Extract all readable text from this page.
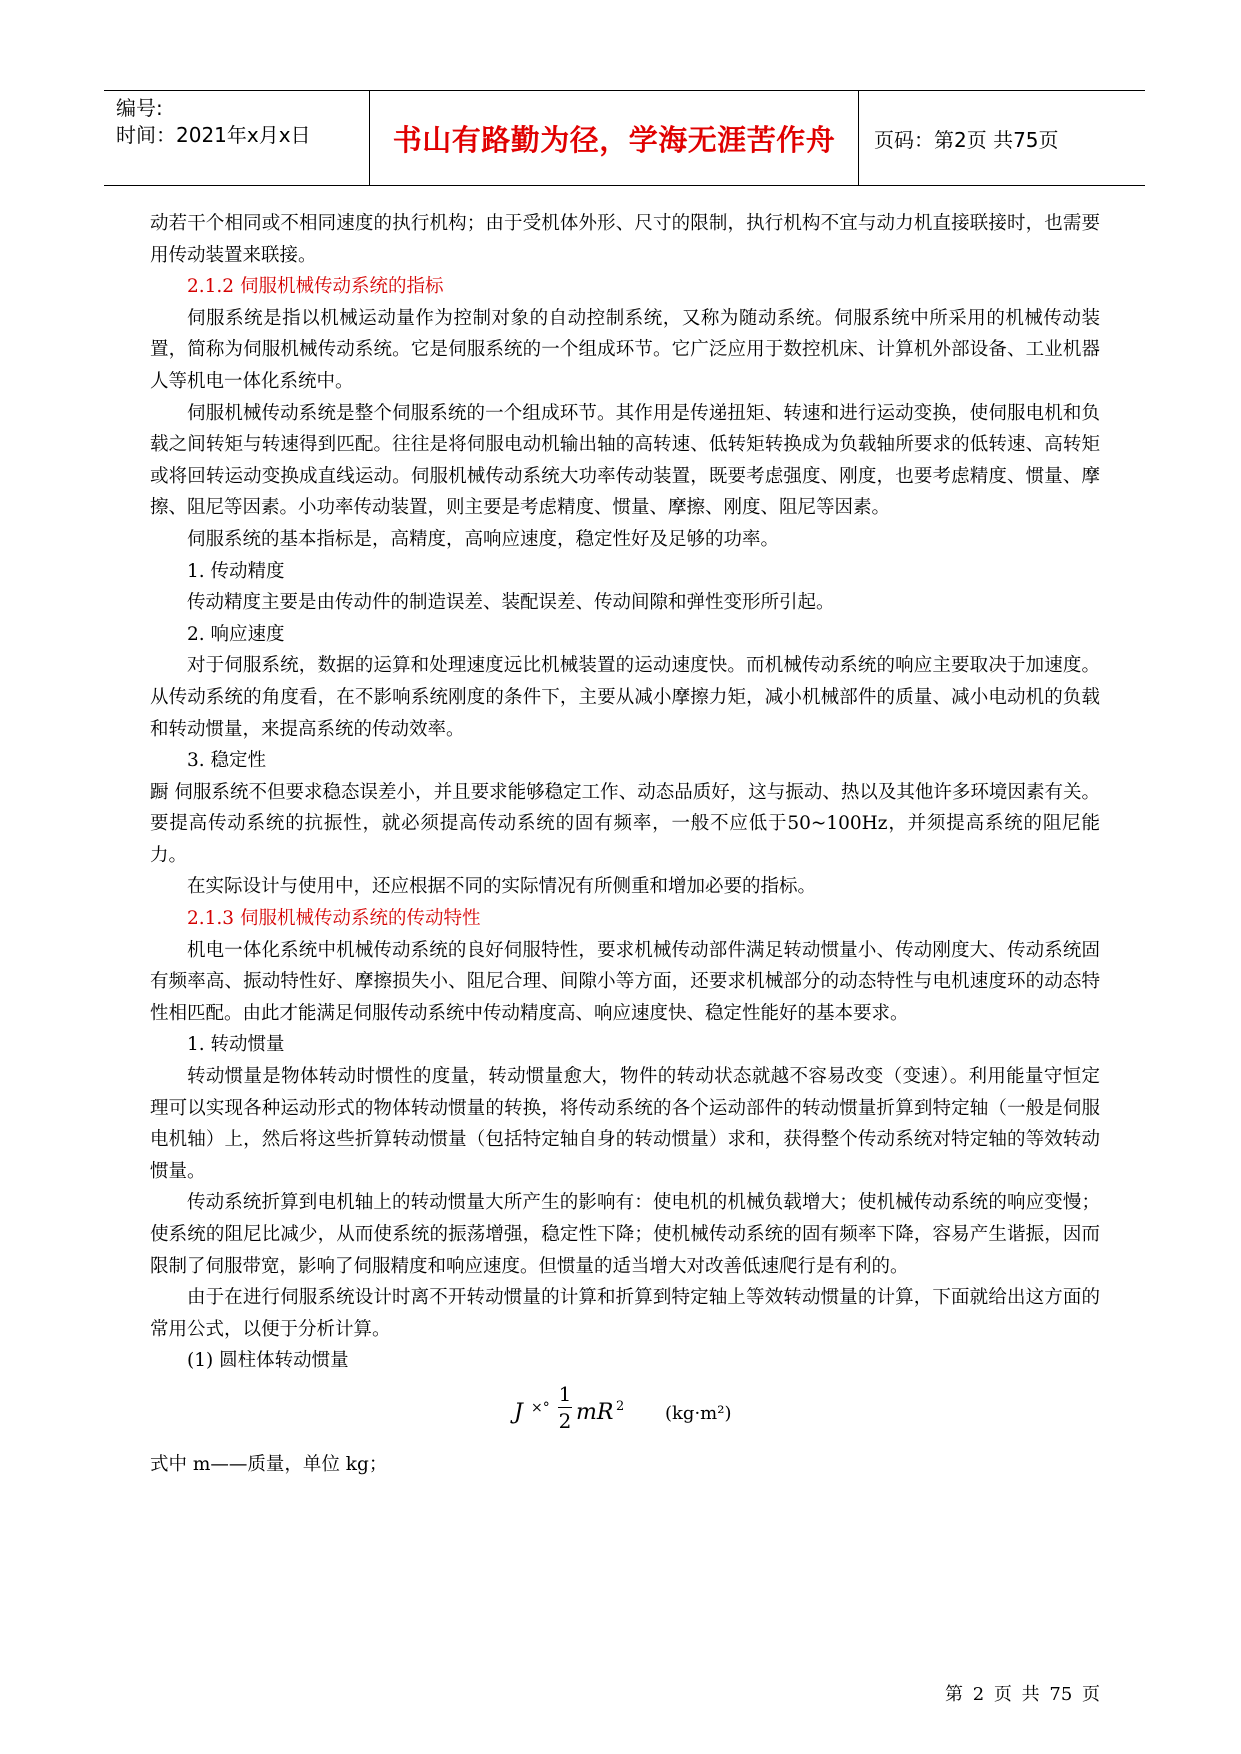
编号:
时间：2021年x月x日	书山有路勤为径，学海无涯苦作舟	页码：第2页 共75页

动若干个相同或不相同速度的执行机构；由于受机体外形、尺寸的限制，执行机构不宜与动力机直接联接时，也需要用传动装置来联接。

2.1.2 伺服机械传动系统的指标

伺服系统是指以机械运动量作为控制对象的自动控制系统，又称为随动系统。伺服系统中所采用的机械传动装置，简称为伺服机械传动系统。它是伺服系统的一个组成环节。它广泛应用于数控机床、计算机外部设备、工业机器人等机电一体化系统中。

伺服机械传动系统是整个伺服系统的一个组成环节。其作用是传递扭矩、转速和进行运动变换，使伺服电机和负载之间转矩与转速得到匹配。往往是将伺服电动机输出轴的高转速、低转矩转换成为负载轴所要求的低转速、高转矩或将回转运动变换成直线运动。伺服机械传动系统大功率传动装置，既要考虑强度、刚度，也要考虑精度、惯量、摩擦、阻尼等因素。小功率传动装置，则主要是考虑精度、惯量、摩擦、刚度、阻尼等因素。

伺服系统的基本指标是，高精度，高响应速度，稳定性好及足够的功率。

1. 传动精度

传动精度主要是由传动件的制造误差、装配误差、传动间隙和弹性变形所引起。

2. 响应速度

对于伺服系统，数据的运算和处理速度远比机械装置的运动速度快。而机械传动系统的响应主要取决于加速度。从传动系统的角度看，在不影响系统刚度的条件下，主要从减小摩擦力矩，减小机械部件的质量、减小电动机的负载和转动惯量，来提高系统的传动效率。

3. 稳定性

蹰 伺服系统不但要求稳态误差小，并且要求能够稳定工作、动态品质好，这与振动、热以及其他许多环境因素有关。要提高传动系统的抗振性，就必须提高传动系统的固有频率，一般不应低于50~100Hz，并须提高系统的阻尼能力。

在实际设计与使用中，还应根据不同的实际情况有所侧重和增加必要的指标。

2.1.3 伺服机械传动系统的传动特性

机电一体化系统中机械传动系统的良好伺服特性，要求机械传动部件满足转动惯量小、传动刚度大、传动系统固有频率高、振动特性好、摩擦损失小、阻尼合理、间隙小等方面，还要求机械部分的动态特性与电机速度环的动态特性相匹配。由此才能满足伺服传动系统中传动精度高、响应速度快、稳定性能好的基本要求。

1. 转动惯量

转动惯量是物体转动时惯性的度量，转动惯量愈大，物件的转动状态就越不容易改变（变速）。利用能量守恒定理可以实现各种运动形式的物体转动惯量的转换，将传动系统的各个运动部件的转动惯量折算到特定轴（一般是伺服电机轴）上，然后将这些折算转动惯量（包括特定轴自身的转动惯量）求和，获得整个传动系统对特定轴的等效转动惯量。

传动系统折算到电机轴上的转动惯量大所产生的影响有：使电机的机械负载增大；使机械传动系统的响应变慢；使系统的阻尼比减少，从而使系统的振荡增强，稳定性下降；使机械传动系统的固有频率下降，容易产生谐振，因而限制了伺服带宽，影响了伺服精度和响应速度。但惯量的适当增大对改善低速爬行是有利的。

由于在进行伺服系统设计时离不开转动惯量的计算和折算到特定轴上等效转动惯量的计算，下面就给出这方面的常用公式，以便于分析计算。

(1) 圆柱体转动惯量

J ×°
1
2 mR 2 (kg·m²)

式中 m——质量，单位 kg；

第 2 页 共 75 页
